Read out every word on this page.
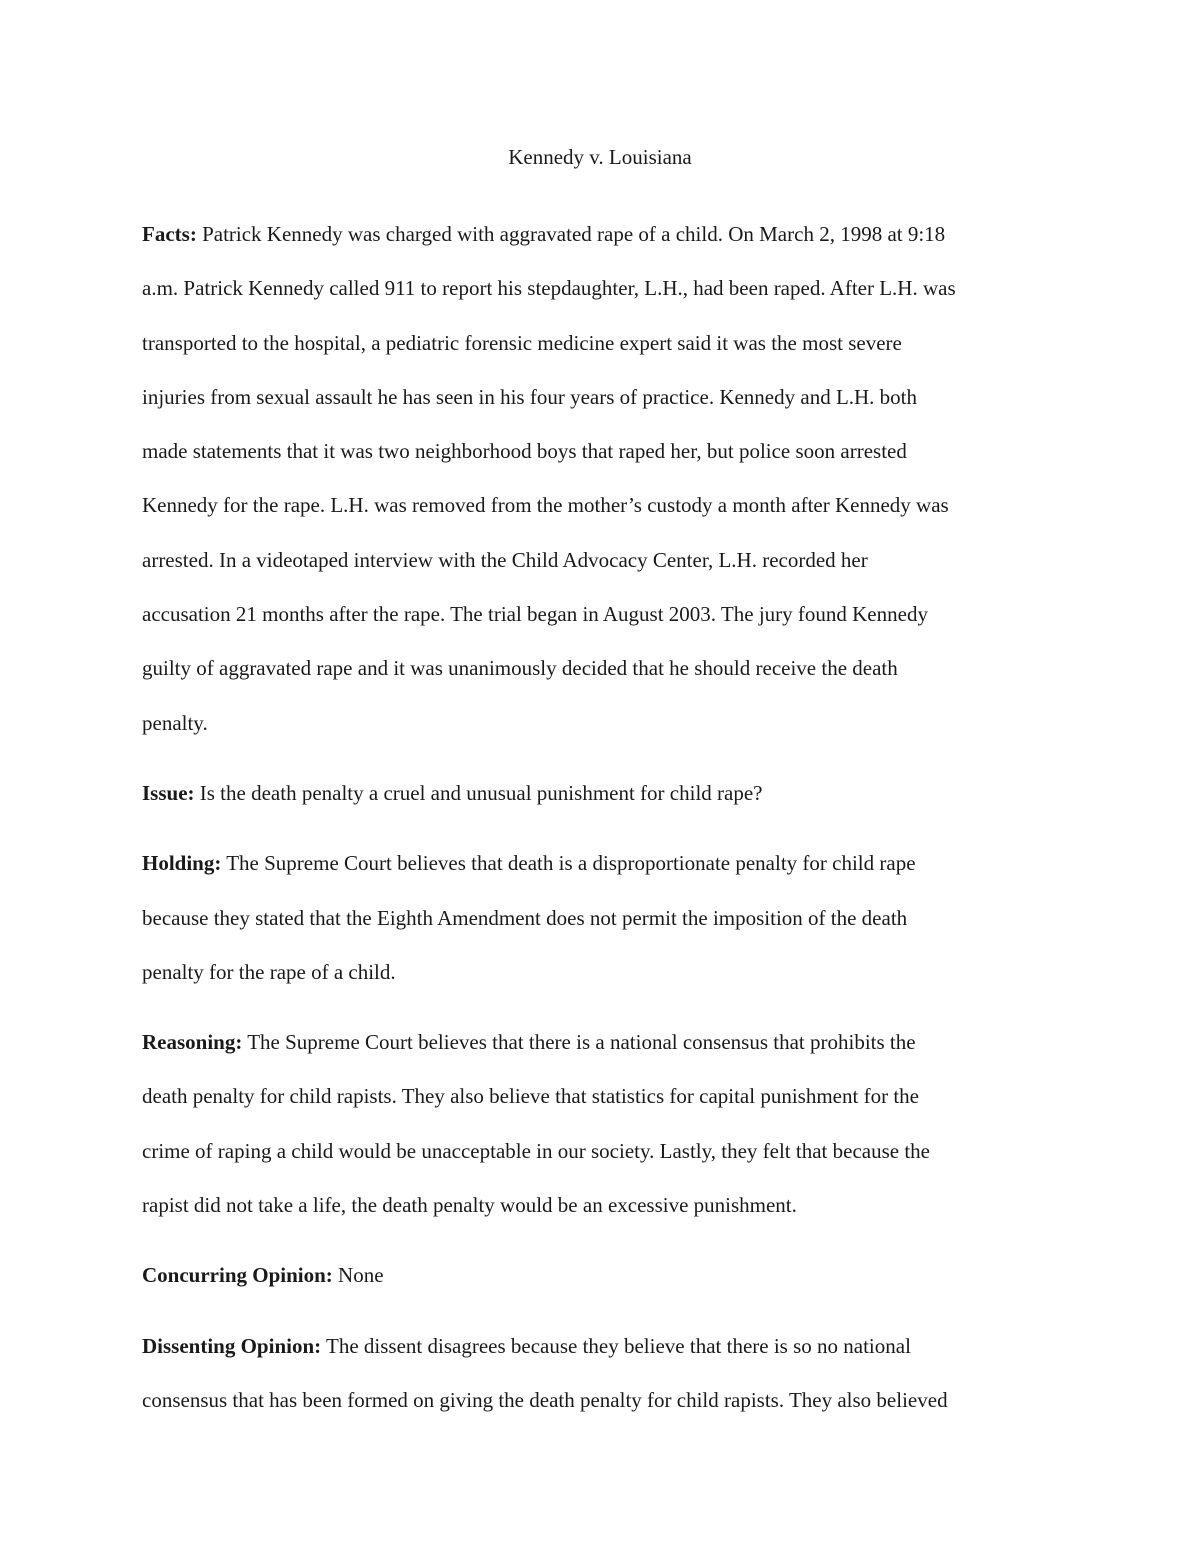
Kennedy v. Louisiana

Facts: Patrick Kennedy was charged with aggravated rape of a child. On March 2, 1998 at 9:18
a.m. Patrick Kennedy called 911 to report his stepdaughter, L.H., had been raped. After L.H. was
transported to the hospital, a pediatric forensic medicine expert said it was the most severe
injuries from sexual assault he has seen in his four years of practice. Kennedy and L.H. both
made statements that it was two neighborhood boys that raped her, but police soon arrested
Kennedy for the rape. L.H. was removed from the mother’s custody a month after Kennedy was
arrested. In a videotaped interview with the Child Advocacy Center, L.H. recorded her
accusation 21 months after the rape. The trial began in August 2003. The jury found Kennedy
guilty of aggravated rape and it was unanimously decided that he should receive the death
penalty.

Issue: Is the death penalty a cruel and unusual punishment for child rape?

Holding: The Supreme Court believes that death is a disproportionate penalty for child rape
because they stated that the Eighth Amendment does not permit the imposition of the death
penalty for the rape of a child.

Reasoning: The Supreme Court believes that there is a national consensus that prohibits the
death penalty for child rapists. They also believe that statistics for capital punishment for the
crime of raping a child would be unacceptable in our society. Lastly, they felt that because the
rapist did not take a life, the death penalty would be an excessive punishment.

Concurring Opinion: None

Dissenting Opinion: The dissent disagrees because they believe that there is so no national
consensus that has been formed on giving the death penalty for child rapists. They also believed
